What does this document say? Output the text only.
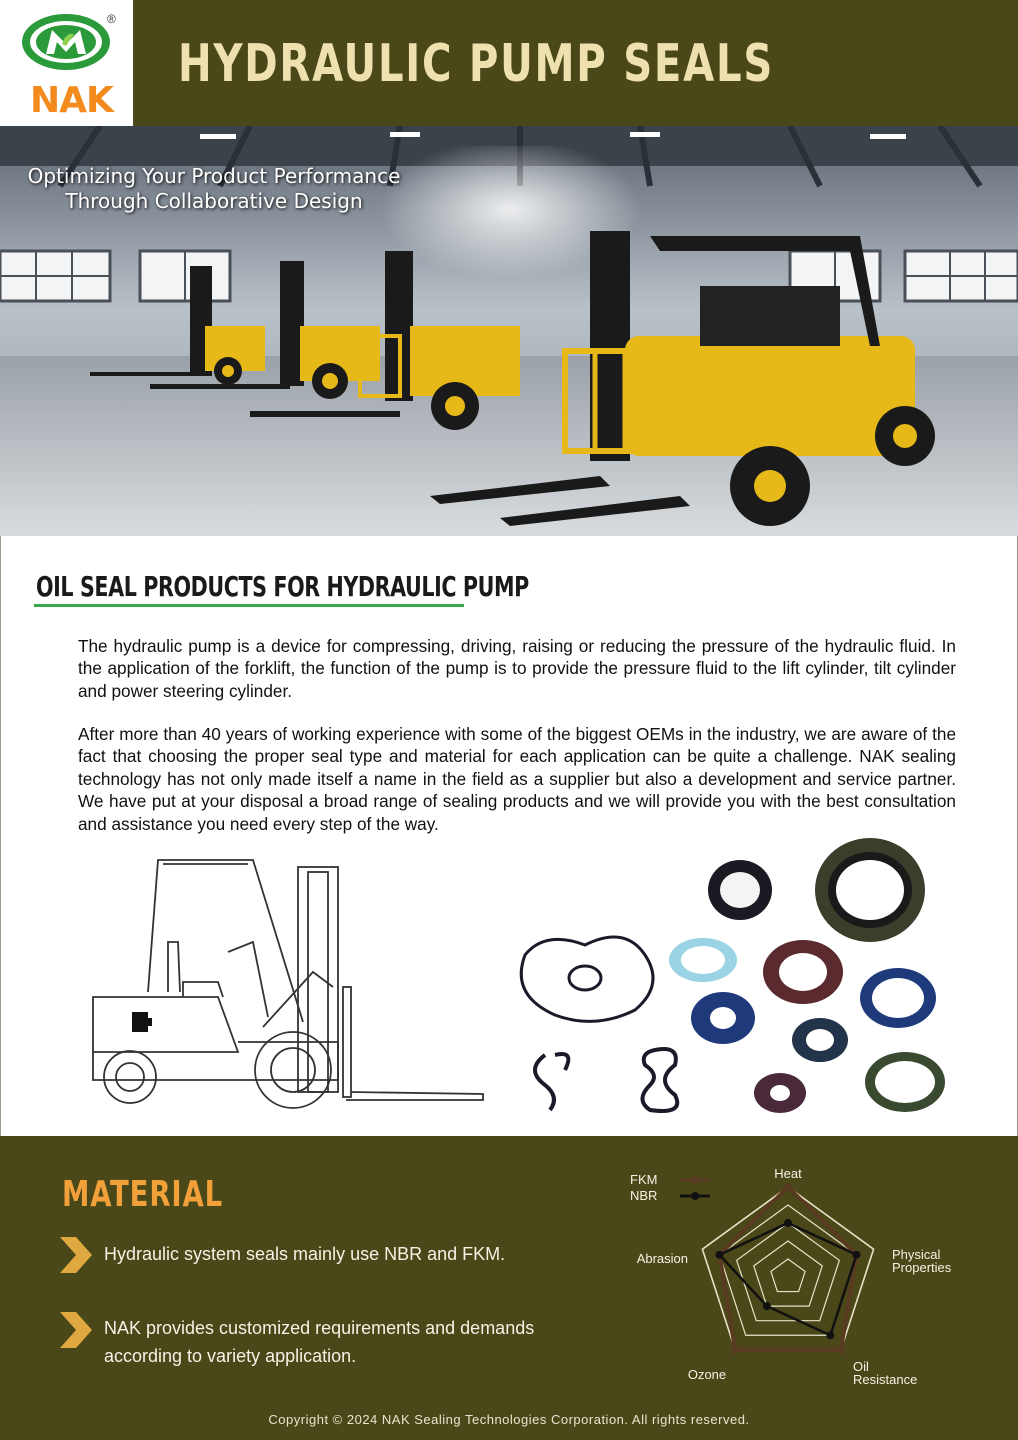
®
NAK
HYDRAULIC PUMP SEALS
Optimizing Your Product Performance
Through Collaborative Design
OIL SEAL PRODUCTS FOR HYDRAULIC PUMP
The hydraulic pump is a device for compressing, driving, raising or reducing the pressure of the hydraulic fluid. In the application of the forklift, the function of the pump is to provide the pressure fluid to the lift cylinder, tilt cylinder and power steering cylinder.
After more than 40 years of working experience with some of the biggest OEMs in the industry, we are aware of the fact that choosing the proper seal type and material for each application can be quite a challenge. NAK sealing technology has not only made itself a name in the field as a supplier but also a development and service partner. We have put at your disposal a broad range of sealing products and we will provide you with the best consultation and assistance you need every step of the way.
MATERIAL
Hydraulic system seals mainly use NBR and FKM.
NAK provides customized requirements and demands according to variety application.
Heat
Physical Properties
Oil Resistance
Ozone
Abrasion
FKM
NBR
Copyright © 2024 NAK Sealing Technologies Corporation. All rights reserved.
